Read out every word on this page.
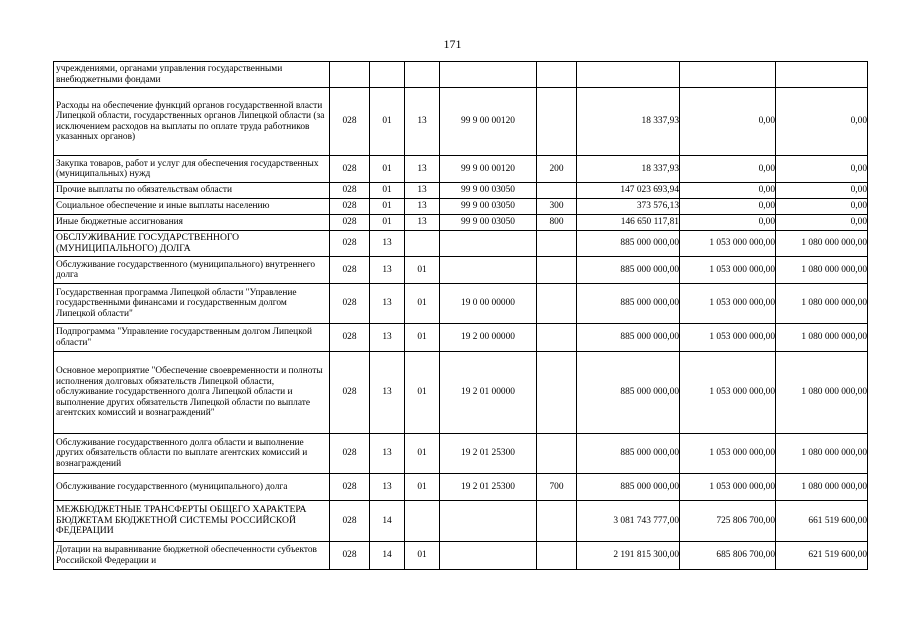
171
учреждениями, органами управления государственными внебюджетными фондами								
Расходы на обеспечение функций органов государственной власти Липецкой области, государственных органов Липецкой области (за исключением расходов на выплаты по оплате труда работников указанных органов)	028	01	13	99 9 00 00120		18 337,93	0,00	0,00
Закупка товаров, работ и услуг для обеспечения государственных (муниципальных) нужд	028	01	13	99 9 00 00120	200	18 337,93	0,00	0,00
Прочие выплаты по обязательствам области	028	01	13	99 9 00 03050		147 023 693,94	0,00	0,00
Социальное обеспечение и иные выплаты населению	028	01	13	99 9 00 03050	300	373 576,13	0,00	0,00
Иные бюджетные ассигнования	028	01	13	99 9 00 03050	800	146 650 117,81	0,00	0,00
ОБСЛУЖИВАНИЕ ГОСУДАРСТВЕННОГО (МУНИЦИПАЛЬНОГО) ДОЛГА	028	13				885 000 000,00	1 053 000 000,00	1 080 000 000,00
Обслуживание государственного (муниципального) внутреннего долга	028	13	01			885 000 000,00	1 053 000 000,00	1 080 000 000,00
Государственная программа Липецкой области "Управление государственными финансами и государственным долгом Липецкой области"	028	13	01	19 0 00 00000		885 000 000,00	1 053 000 000,00	1 080 000 000,00
Подпрограмма "Управление государственным долгом Липецкой области"	028	13	01	19 2 00 00000		885 000 000,00	1 053 000 000,00	1 080 000 000,00
Основное мероприятие "Обеспечение своевременности и полноты исполнения долговых обязательств Липецкой области, обслуживание государственного долга Липецкой области и выполнение других обязательств Липецкой области по выплате агентских комиссий и вознаграждений"	028	13	01	19 2 01 00000		885 000 000,00	1 053 000 000,00	1 080 000 000,00
Обслуживание государственного долга области и выполнение других обязательств области по выплате агентских комиссий и вознаграждений	028	13	01	19 2 01 25300		885 000 000,00	1 053 000 000,00	1 080 000 000,00
Обслуживание государственного (муниципального) долга	028	13	01	19 2 01 25300	700	885 000 000,00	1 053 000 000,00	1 080 000 000,00
МЕЖБЮДЖЕТНЫЕ ТРАНСФЕРТЫ ОБЩЕГО ХАРАКТЕРА БЮДЖЕТАМ БЮДЖЕТНОЙ СИСТЕМЫ РОССИЙСКОЙ ФЕДЕРАЦИИ	028	14				3 081 743 777,00	725 806 700,00	661 519 600,00
Дотации на выравнивание бюджетной обеспеченности субъектов Российской Федерации и	028	14	01			2 191 815 300,00	685 806 700,00	621 519 600,00
